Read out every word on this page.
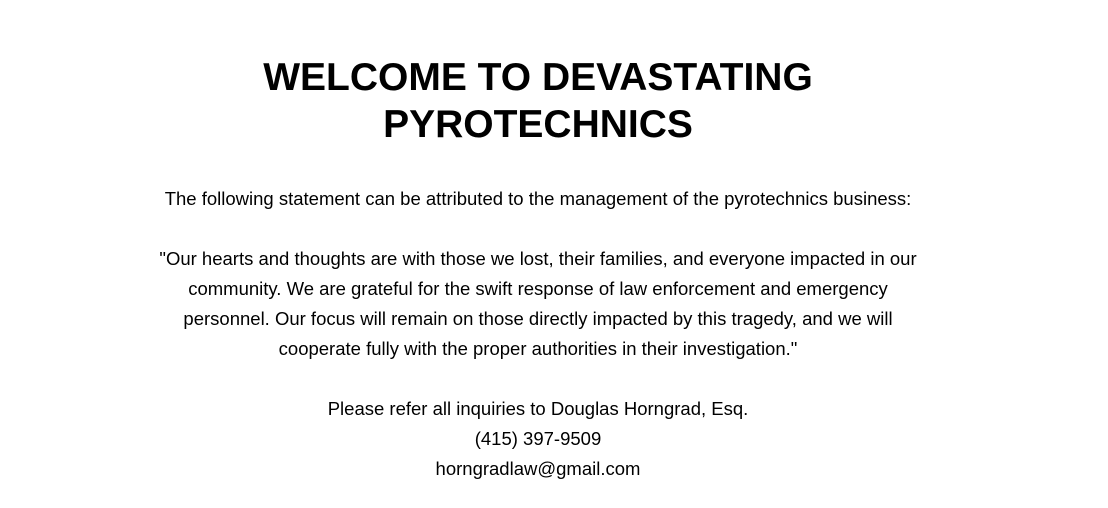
WELCOME TO DEVASTATING
PYROTECHNICS

The following statement can be attributed to the management of the pyrotechnics business:

"Our hearts and thoughts are with those we lost, their families, and everyone impacted in our
community. We are grateful for the swift response of law enforcement and emergency
personnel. Our focus will remain on those directly impacted by this tragedy, and we will
cooperate fully with the proper authorities in their investigation."

Please refer all inquiries to Douglas Horngrad, Esq.
(415) 397-9509
horngradlaw@gmail.com
